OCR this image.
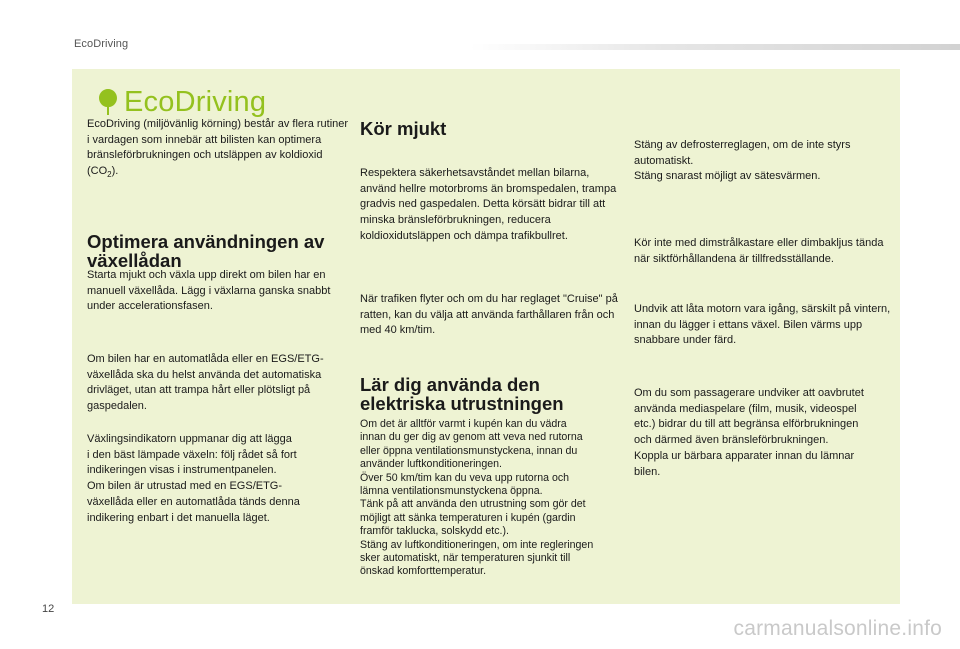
EcoDriving
EcoDriving

EcoDriving (miljövänlig körning) består av flera rutiner i vardagen som innebär att bilisten kan optimera bränsleförbrukningen och utsläppen av koldioxid $(CO_2)$.

Optimera användningen av
växellådan

Starta mjukt och växla upp direkt om bilen har en manuell växellåda. Lägg i växlarna ganska snabbt under accelerationsfasen.

Om bilen har en automatlåda eller en EGS/ETG-växellåda ska du helst använda det automatiska drivläget, utan att trampa hårt eller plötsligt på gaspedalen.

Växlingsindikatorn uppmanar dig att lägga
i den bäst lämpade växeln: följ rådet så fort
indikeringen visas i instrumentpanelen.
Om bilen är utrustad med en EGS/ETG-
växellåda eller en automatlåda tänds denna
indikering enbart i det manuella läget.

Kör mjukt

Respektera säkerhetsavståndet mellan bilarna, använd hellre motorbroms än bromspedalen, trampa gradvis ned gaspedalen. Detta körsätt bidrar till att minska bränsleförbrukningen, reducera koldioxidutsläppen och dämpa trafikbullret.

När trafiken flyter och om du har reglaget "Cruise" på ratten, kan du välja att använda farthållaren från och med 40 km/tim.

Lär dig använda den
elektriska utrustningen

Om det är alltför varmt i kupén kan du vädra
innan du ger dig av genom att veva ned rutorna
eller öppna ventilationsmunstyckena, innan du
använder luftkonditioneringen.
Över 50 km/tim kan du veva upp rutorna och
lämna ventilationsmunstyckena öppna.
Tänk på att använda den utrustning som gör det
möjligt att sänka temperaturen i kupén (gardin
framför taklucka, solskydd etc.).
Stäng av luftkonditioneringen, om inte regleringen
sker automatiskt, när temperaturen sjunkit till
önskad komforttemperatur.

Stäng av defrosterreglagen, om de inte styrs
automatiskt.
Stäng snarast möjligt av sätesvärmen.

Kör inte med dimstrålkastare eller dimbakljus tända när siktförhållandena är tillfredsställande.

Undvik att låta motorn vara igång, särskilt på vintern, innan du lägger i ettans växel. Bilen värms upp snabbare under färd.

Om du som passagerare undviker att oavbrutet
använda mediaspelare (film, musik, videospel
etc.) bidrar du till att begränsa elförbrukningen
och därmed även bränsleförbrukningen.
Koppla ur bärbara apparater innan du lämnar
bilen.

12
carmanualsonline.info
